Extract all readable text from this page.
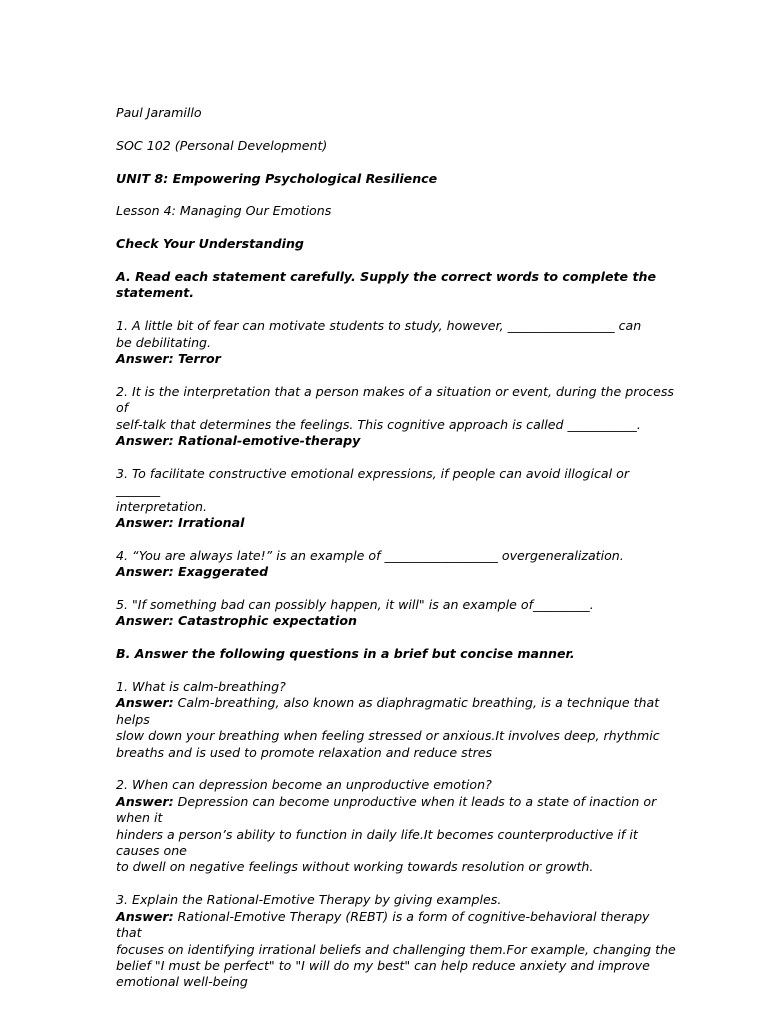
Paul Jaramillo

SOC 102 (Personal Development)

UNIT 8: Empowering Psychological Resilience

Lesson 4: Managing Our Emotions

Check Your Understanding

A. Read each statement carefully. Supply the correct words to complete the statement.

1. A little bit of fear can motivate students to study, however, _________________ can
be debilitating.
Answer: Terror
2. It is the interpretation that a person makes of a situation or event, during the process of
self-talk that determines the feelings. This cognitive approach is called ___________.
Answer: Rational-emotive-therapy
3. To facilitate constructive emotional expressions, if people can avoid illogical or _______
interpretation.
Answer: Irrational
4. “You are always late!” is an example of __________________ overgeneralization.
Answer: Exaggerated
5. "If something bad can possibly happen, it will" is an example of_________.
Answer: Catastrophic expectation

B. Answer the following questions in a brief but concise manner.

1. What is calm-breathing?
Answer: Calm-breathing, also known as diaphragmatic breathing, is a technique that helps
slow down your breathing when feeling stressed or anxious.It involves deep, rhythmic
breaths and is used to promote relaxation and reduce stres
2. When can depression become an unproductive emotion?
Answer: Depression can become unproductive when it leads to a state of inaction or when it
hinders a person’s ability to function in daily life.It becomes counterproductive if it causes one
to dwell on negative feelings without working towards resolution or growth.
3. Explain the Rational-Emotive Therapy by giving examples.
Answer: Rational-Emotive Therapy (REBT) is a form of cognitive-behavioral therapy that
focuses on identifying irrational beliefs and challenging them.For example, changing the
belief "I must be perfect" to "I will do my best" can help reduce anxiety and improve
emotional well-being
